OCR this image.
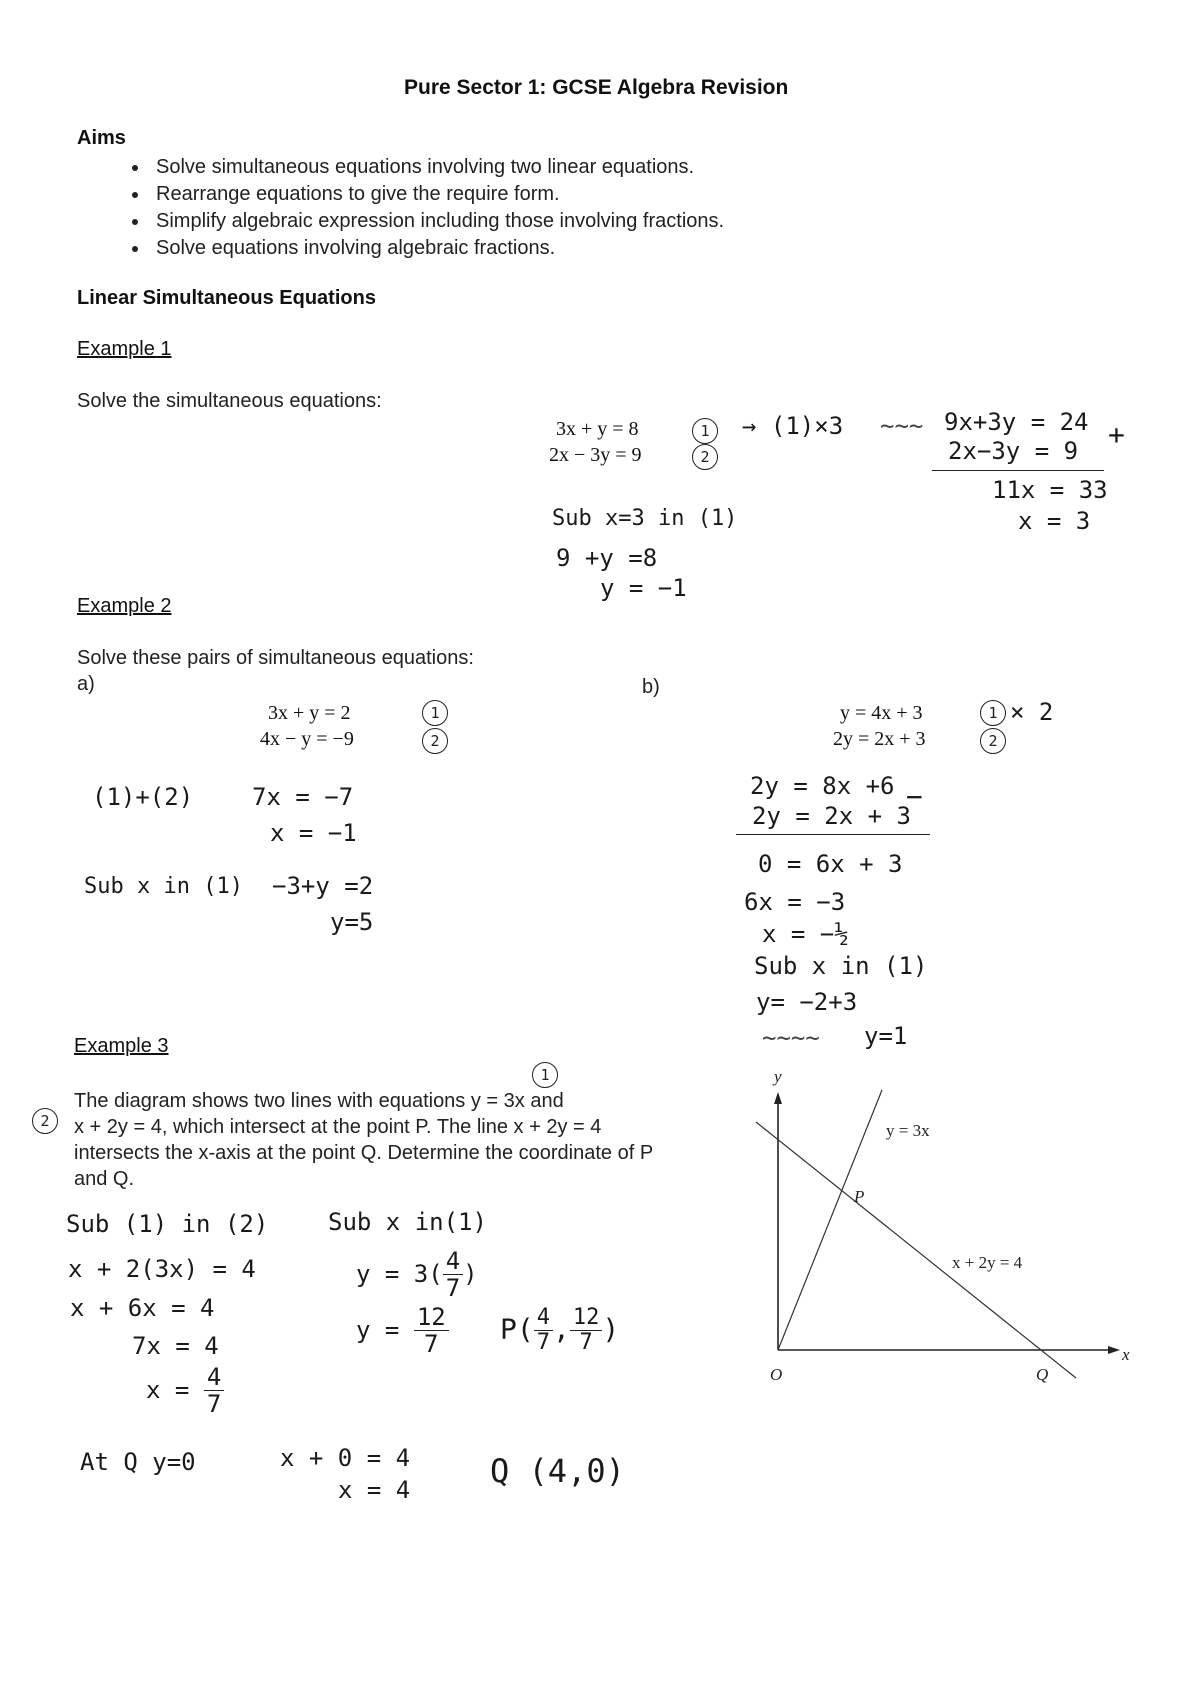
Pure Sector 1: GCSE Algebra Revision
Aims
• Solve simultaneous equations involving two linear equations.
• Rearrange equations to give the require form.
• Simplify algebraic expression including those involving fractions.
• Solve equations involving algebraic fractions.
Linear Simultaneous Equations
Example 1
Solve the simultaneous equations:
3x + y = 8
2x − 3y = 9
1
2
→ (1)×3 ~~~ 9x+3y = 24
2x−3y = 9 +
11x = 33
x = 3
Sub x=3 in (1)
9 +y =8
y = −1
Example 2
Solve these pairs of simultaneous equations:
a)	b)
3x + y = 2
4x − y = −9
1
2
(1)+(2) 7x = −7
x = −1
Sub x in (1) −3+y =2
y=5
y = 4x + 3
2y = 2x + 3
1
2
× 2
2y = 8x +6 −
2y = 2x + 3
0 = 6x + 3
6x = −3
x = −½
Sub x in (1)
y= −2+3
~~~~ y=1
Example 3
1
2
The diagram shows two lines with equations y = 3x and
x + 2y = 4, which intersect at the point P. The line x + 2y = 4
intersects the x-axis at the point Q. Determine the coordinate of P
and Q.
Sub (1) in (2)
x + 2(3x) = 4
x + 6x = 4
7x = 4
$x = \frac{4}{7}$
Sub x in(1)
$y = 3( \frac{4}{7}$ )
$y = \frac{12}{7} P( \frac{4}{7}$ , $\frac{12}{7}$ )
At Q y=0	x + 0 = 4
x = 4 Q (4,0)
y
x
O
P
Q
y = 3x
x + 2y = 4
